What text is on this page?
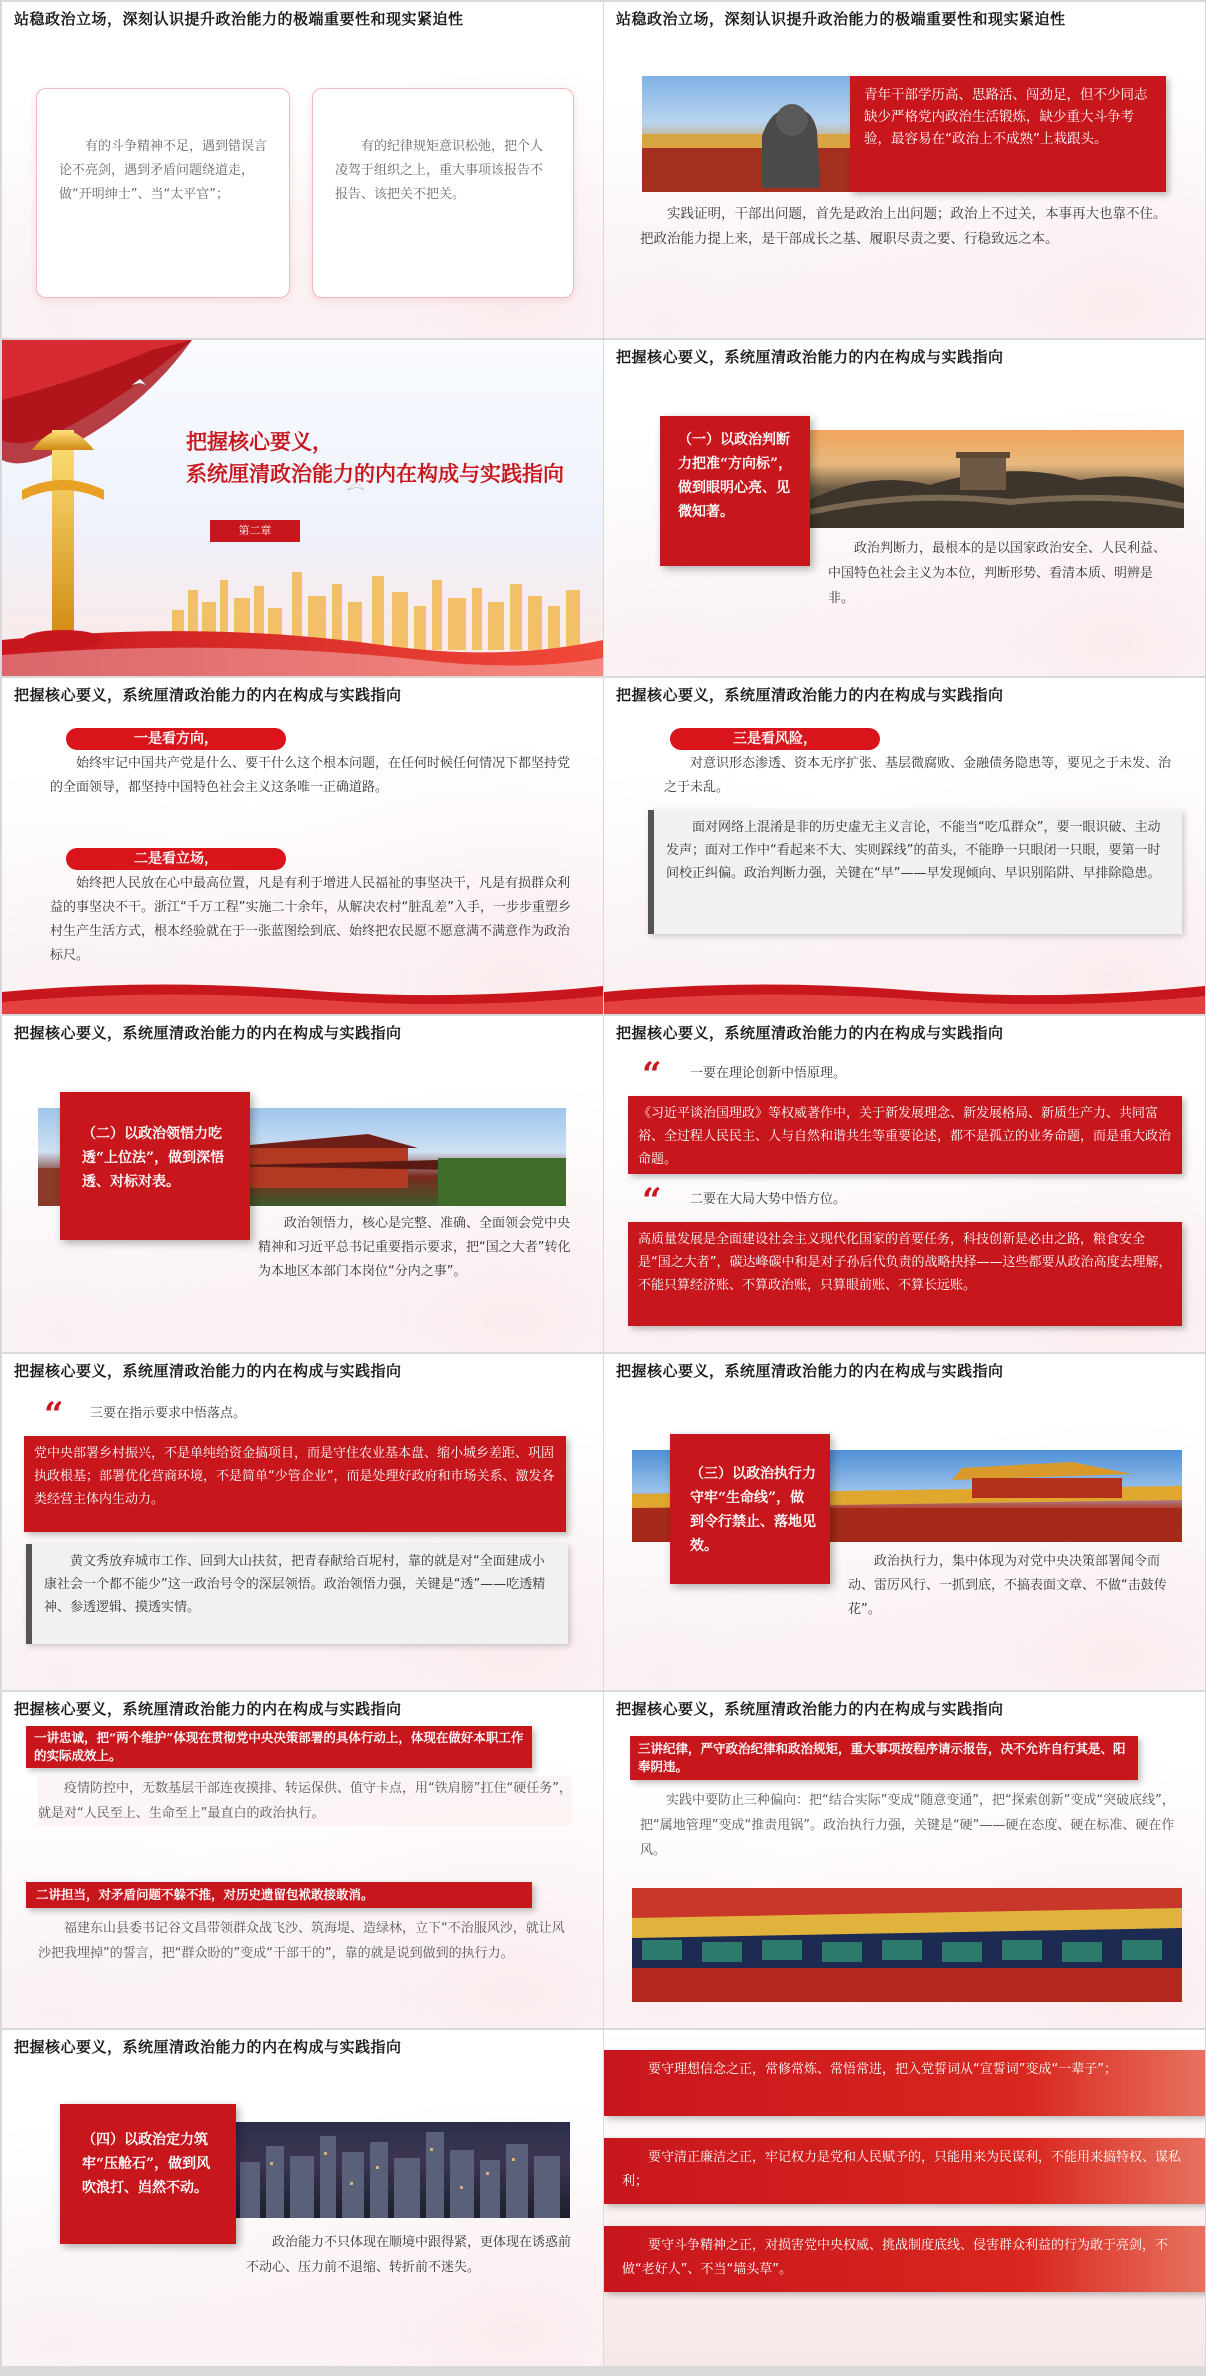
站稳政治立场，深刻认识提升政治能力的极端重要性和现实紧迫性
有的斗争精神不足，遇到错误言论不亮剑，遇到矛盾问题绕道走，做“开明绅士”、当“太平官”；
有的纪律规矩意识松弛，把个人凌驾于组织之上，重大事项该报告不报告、该把关不把关。
站稳政治立场，深刻认识提升政治能力的极端重要性和现实紧迫性
青年干部学历高、思路活、闯劲足，但不少同志缺少严格党内政治生活锻炼，缺少重大斗争考验，最容易在“政治上不成熟”上栽跟头。
实践证明，干部出问题，首先是政治上出问题；政治上不过关，本事再大也靠不住。把政治能力提上来，是干部成长之基、履职尽责之要、行稳致远之本。
把握核心要义，
系统厘清政治能力的内在构成与实践指向
第二章
把握核心要义，系统厘清政治能力的内在构成与实践指向
（一）以政治判断力把准“方向标”，做到眼明心亮、见微知著。
政治判断力，最根本的是以国家政治安全、人民利益、中国特色社会主义为本位，判断形势、看清本质、明辨是非。
把握核心要义，系统厘清政治能力的内在构成与实践指向
一是看方向，
始终牢记中国共产党是什么、要干什么这个根本问题，在任何时候任何情况下都坚持党的全面领导，都坚持中国特色社会主义这条唯一正确道路。
二是看立场，
始终把人民放在心中最高位置，凡是有利于增进人民福祉的事坚决干，凡是有损群众利益的事坚决不干。浙江“千万工程”实施二十余年，从解决农村“脏乱差”入手，一步步重塑乡村生产生活方式，根本经验就在于一张蓝图绘到底、始终把农民愿不愿意满不满意作为政治标尺。
把握核心要义，系统厘清政治能力的内在构成与实践指向
三是看风险，
对意识形态渗透、资本无序扩张、基层微腐败、金融债务隐患等，要见之于未发、治之于未乱。
面对网络上混淆是非的历史虚无主义言论，不能当“吃瓜群众”，要一眼识破、主动发声；面对工作中“看起来不大、实则踩线”的苗头，不能睁一只眼闭一只眼，要第一时间校正纠偏。政治判断力强，关键在“早”——早发现倾向、早识别陷阱、早排除隐患。
把握核心要义，系统厘清政治能力的内在构成与实践指向
（二）以政治领悟力吃透“上位法”，做到深悟透、对标对表。
政治领悟力，核心是完整、准确、全面领会党中央精神和习近平总书记重要指示要求，把“国之大者”转化为本地区本部门本岗位“分内之事”。
把握核心要义，系统厘清政治能力的内在构成与实践指向
“ 一要在理论创新中悟原理。
《习近平谈治国理政》等权威著作中，关于新发展理念、新发展格局、新质生产力、共同富裕、全过程人民民主、人与自然和谐共生等重要论述，都不是孤立的业务命题，而是重大政治命题。
“ 二要在大局大势中悟方位。
高质量发展是全面建设社会主义现代化国家的首要任务，科技创新是必由之路，粮食安全是“国之大者”，碳达峰碳中和是对子孙后代负责的战略抉择——这些都要从政治高度去理解，不能只算经济账、不算政治账，只算眼前账、不算长远账。
把握核心要义，系统厘清政治能力的内在构成与实践指向
“ 三要在指示要求中悟落点。
党中央部署乡村振兴，不是单纯给资金搞项目，而是守住农业基本盘、缩小城乡差距、巩固执政根基；部署优化营商环境，不是简单“少管企业”，而是处理好政府和市场关系、激发各类经营主体内生动力。
黄文秀放弃城市工作、回到大山扶贫，把青春献给百坭村，靠的就是对“全面建成小康社会一个都不能少”这一政治号令的深层领悟。政治领悟力强，关键是“透”——吃透精神、参透逻辑、摸透实情。
把握核心要义，系统厘清政治能力的内在构成与实践指向
（三）以政治执行力守牢“生命线”，做到令行禁止、落地见效。
政治执行力，集中体现为对党中央决策部署闻令而动、雷厉风行、一抓到底，不搞表面文章、不做“击鼓传花”。
把握核心要义，系统厘清政治能力的内在构成与实践指向
一讲忠诚，把“两个维护”体现在贯彻党中央决策部署的具体行动上，体现在做好本职工作的实际成效上。
疫情防控中，无数基层干部连夜摸排、转运保供、值守卡点，用“铁肩膀”扛住“硬任务”，就是对“人民至上、生命至上”最直白的政治执行。
二讲担当，对矛盾问题不躲不推，对历史遗留包袱敢接敢消。
福建东山县委书记谷文昌带领群众战飞沙、筑海堤、造绿林，立下“不治服风沙，就让风沙把我埋掉”的誓言，把“群众盼的”变成“干部干的”，靠的就是说到做到的执行力。
把握核心要义，系统厘清政治能力的内在构成与实践指向
三讲纪律，严守政治纪律和政治规矩，重大事项按程序请示报告，决不允许自行其是、阳奉阴违。
实践中要防止三种偏向：把“结合实际”变成“随意变通”，把“探索创新”变成“突破底线”，把“属地管理”变成“推责甩锅”。政治执行力强，关键是“硬”——硬在态度、硬在标准、硬在作风。
把握核心要义，系统厘清政治能力的内在构成与实践指向
（四）以政治定力筑牢“压舱石”，做到风吹浪打、岿然不动。
政治能力不只体现在顺境中跟得紧，更体现在诱惑前不动心、压力前不退缩、转折前不迷失。
要守理想信念之正，常修常炼、常悟常进，把入党誓词从“宣誓词”变成“一辈子”；
要守清正廉洁之正，牢记权力是党和人民赋予的，只能用来为民谋利，不能用来搞特权、谋私利；
要守斗争精神之正，对损害党中央权威、挑战制度底线、侵害群众利益的行为敢于亮剑，不做“老好人”、不当“墙头草”。
